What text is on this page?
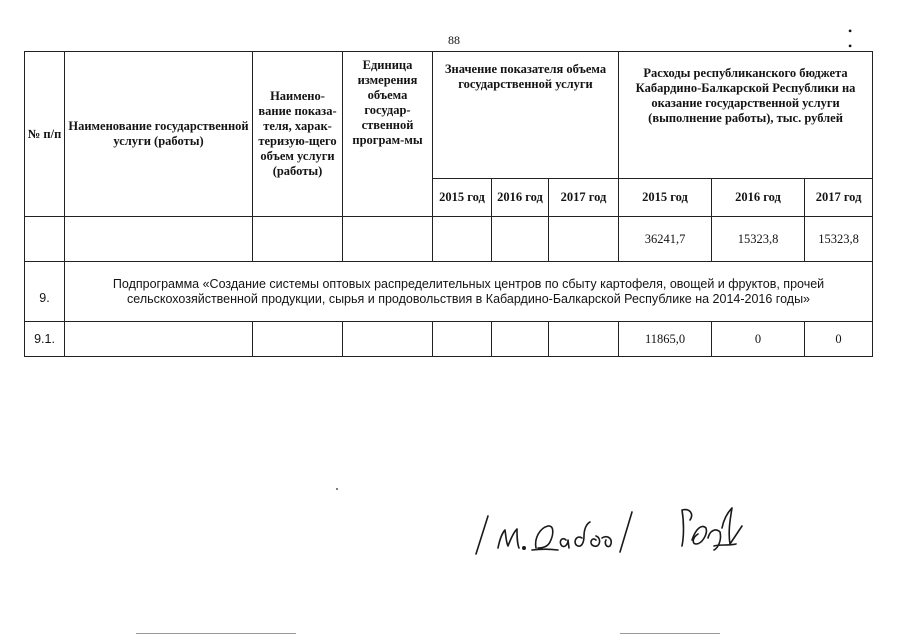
88
• •
№ п/п	Наименование государственной услуги (работы)	Наимено-вание показа-теля, харак-теризую-щего объем услуги (работы)	Единица измерения объема государ-ственной програм-мы	Значение показателя объема государственной услуги			Расходы республиканского бюджета Кабардино-Балкарской Республики на оказание государственной услуги (выполнение работы), тыс. рублей		
				2015 год	2016 год	2017 год	2015 год	2016 год	2017 год
							36241,7	15323,8	15323,8
9.	Подпрограмма «Создание системы оптовых распределительных центров по сбыту картофеля, овощей и фруктов, прочей сельскохозяйственной продукции, сырья и продовольствия в Кабардино-Балкарской Республике на 2014-2016 годы»								
9.1.							11865,0	0	0
